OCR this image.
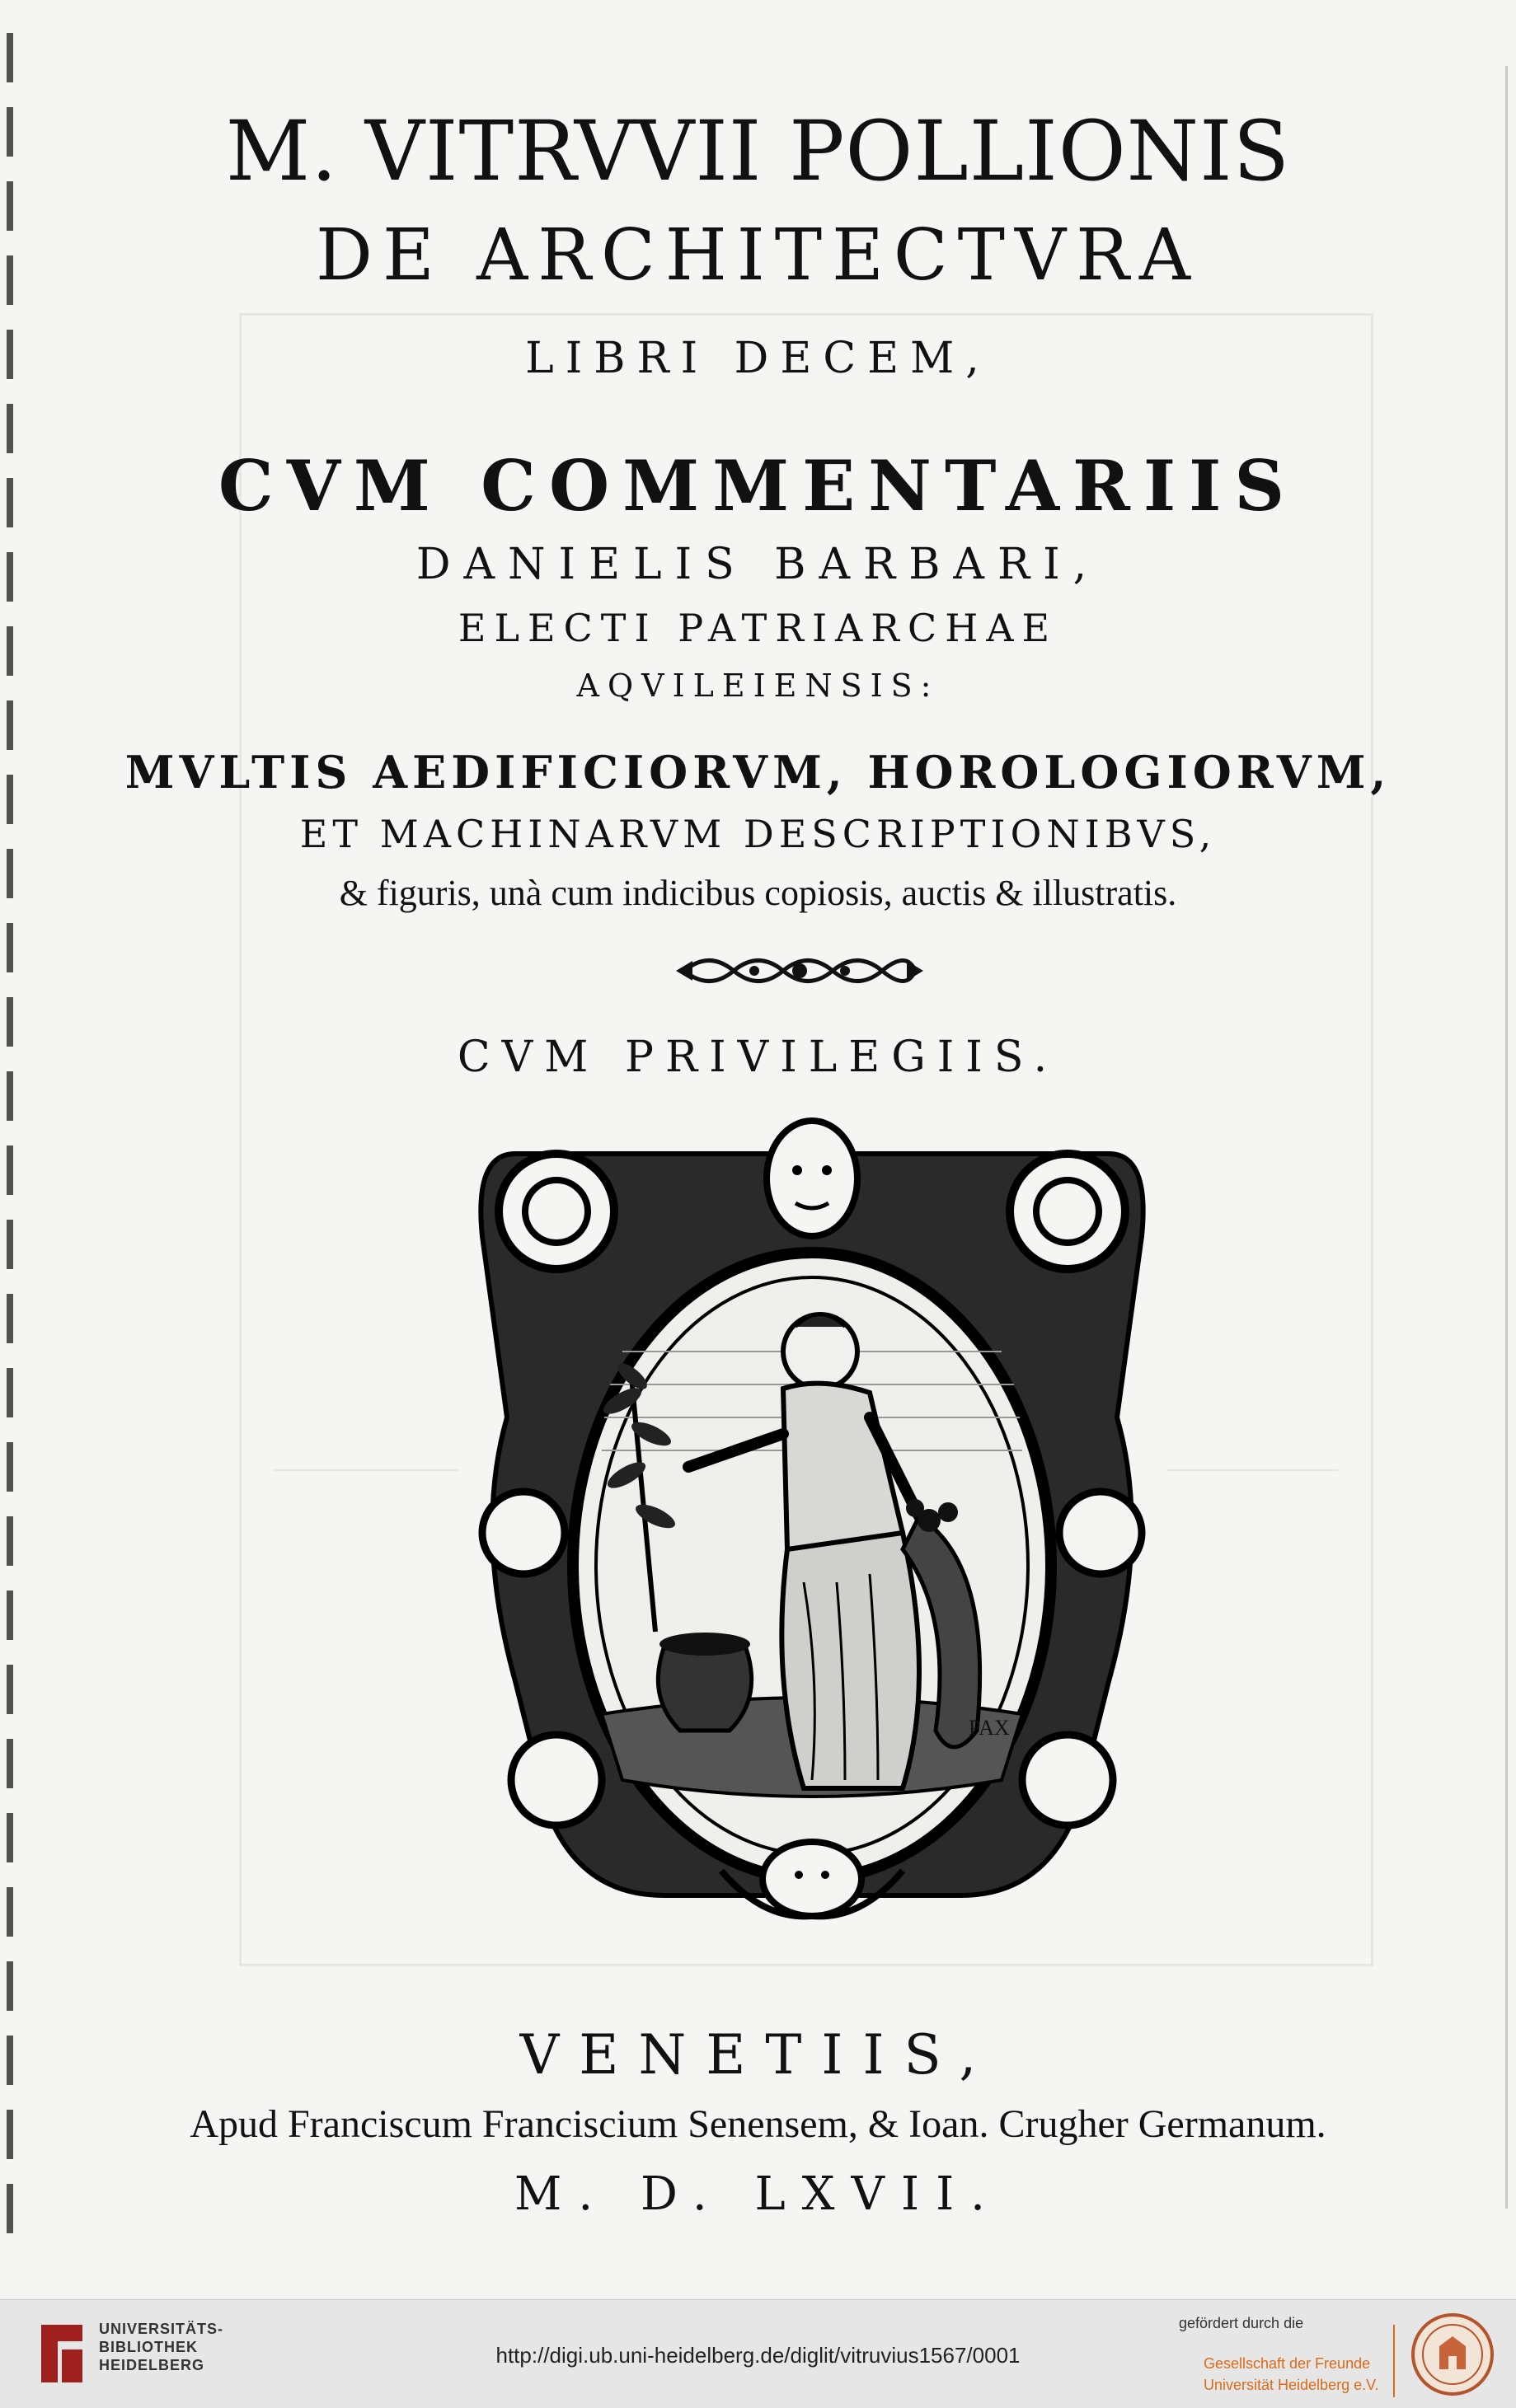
M. VITRVVII POLLIONIS
DE ARCHITECTVRA
LIBRI DECEM,
CVM COMMENTARIIS
DANIELIS BARBARI,
ELECTI PATRIARCHAE
AQVILEIENSIS:
MVLTIS AEDIFICIORVM, HOROLOGIORVM,
ET MACHINARVM DESCRIPTIONIBVS,
& figuris, unà cum indicibus copiosis, auctis & illustratis.
CVM PRIVILEGIIS.
PAX
VENETIIS,
Apud Franciscum Franciscium Senensem, & Ioan. Crugher Germanum.
M. D. LXVII.
UNIVERSITÄTS-
BIBLIOTHEK
HEIDELBERG	http://digi.ub.uni-heidelberg.de/diglit/vitruvius1567/0001
gefördert durch die
Gesellschaft der Freunde
Universität Heidelberg e.V.
